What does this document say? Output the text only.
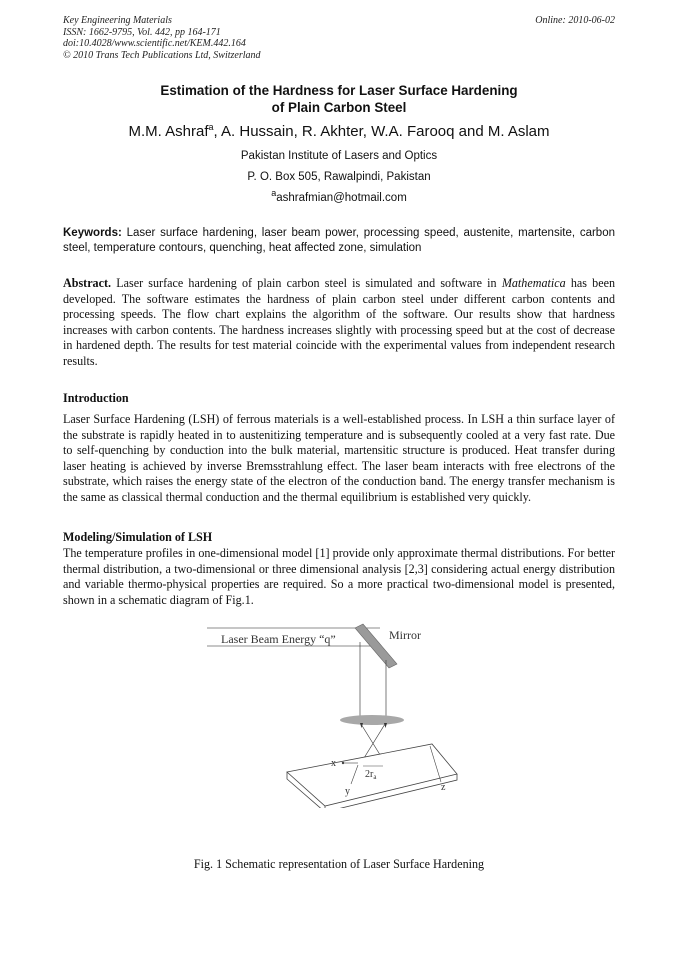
Key Engineering Materials
ISSN: 1662-9795, Vol. 442, pp 164-171
doi:10.4028/www.scientific.net/KEM.442.164
© 2010 Trans Tech Publications Ltd, Switzerland
Online: 2010-06-02
Estimation of the Hardness for Laser Surface Hardening
of Plain Carbon Steel
M.M. Ashraf$^a$, A. Hussain, R. Akhter, W.A. Farooq and M. Aslam
Pakistan Institute of Lasers and Optics
P. O. Box 505, Rawalpindi, Pakistan
$^a$ashrafmian@hotmail.com
Keywords: Laser surface hardening, laser beam power, processing speed, austenite, martensite, carbon steel, temperature contours, quenching, heat affected zone, simulation
Abstract. Laser surface hardening of plain carbon steel is simulated and software in Mathematica has been developed. The software estimates the hardness of plain carbon steel under different carbon contents and processing speeds. The flow chart explains the algorithm of the software. Our results show that hardness increases with carbon contents. The hardness increases slightly with processing speed but at the cost of decrease in hardened depth. The results for test material coincide with the experimental values from independent research results.
Introduction
Laser Surface Hardening (LSH) of ferrous materials is a well-established process. In LSH a thin surface layer of the substrate is rapidly heated in to austenitizing temperature and is subsequently cooled at a very fast rate. Due to self-quenching by conduction into the bulk material, martensitic structure is produced. Heat transfer during laser heating is achieved by inverse Bremsstrahlung effect. The laser beam interacts with free electrons of the substrate, which raises the energy state of the electron of the conduction band. The energy transfer mechanism is the same as classical thermal conduction and the thermal equilibrium is established very quickly.
Modeling/Simulation of LSH
The temperature profiles in one-dimensional model [1] provide only approximate thermal distributions. For better thermal distribution, a two-dimensional or three dimensional analysis [2,3] considering actual energy distribution and variable thermo-physical properties are required. So a more practical two-dimensional model is presented, shown in a schematic diagram of Fig.1.
Laser Beam Energy “q”	Mirror
x
y	z
$2r_a$
Fig. 1 Schematic representation of Laser Surface Hardening
